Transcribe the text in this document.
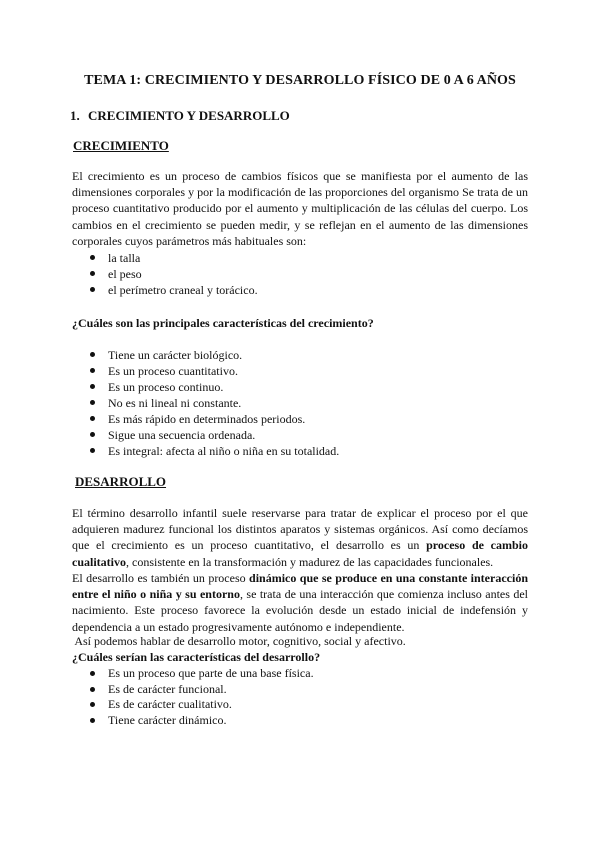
TEMA 1: CRECIMIENTO Y DESARROLLO FÍSICO DE 0 A 6 AÑOS
1. CRECIMIENTO Y DESARROLLO
CRECIMIENTO

El crecimiento es un proceso de cambios físicos que se manifiesta por el aumento de las dimensiones corporales y por la modificación de las proporciones del organismo Se trata de un proceso cuantitativo producido por el aumento y multiplicación de las células del cuerpo. Los cambios en el crecimiento se pueden medir, y se reflejan en el aumento de las dimensiones corporales cuyos parámetros más habituales son:

la talla
el peso
el perímetro craneal y torácico.
¿Cuáles son las principales características del crecimiento?
Tiene un carácter biológico.
Es un proceso cuantitativo.
Es un proceso continuo.
No es ni lineal ni constante.
Es más rápido en determinados periodos.
Sigue una secuencia ordenada.
Es integral: afecta al niño o niña en su totalidad.
DESARROLLO

El término desarrollo infantil suele reservarse para tratar de explicar el proceso por el que adquieren madurez funcional los distintos aparatos y sistemas orgánicos. Así como decíamos que el crecimiento es un proceso cuantitativo, el desarrollo es un proceso de cambio cualitativo, consistente en la transformación y madurez de las capacidades funcionales.

El desarrollo es también un proceso dinámico que se produce en una constante interacción entre el niño o niña y su entorno, se trata de una interacción que comienza incluso antes del nacimiento. Este proceso favorece la evolución desde un estado inicial de indefensión y dependencia a un estado progresivamente autónomo e independiente.

Así podemos hablar de desarrollo motor, cognitivo, social y afectivo.

¿Cuáles serían las características del desarrollo?
Es un proceso que parte de una base física.
Es de carácter funcional.
Es de carácter cualitativo.
Tiene carácter dinámico.
